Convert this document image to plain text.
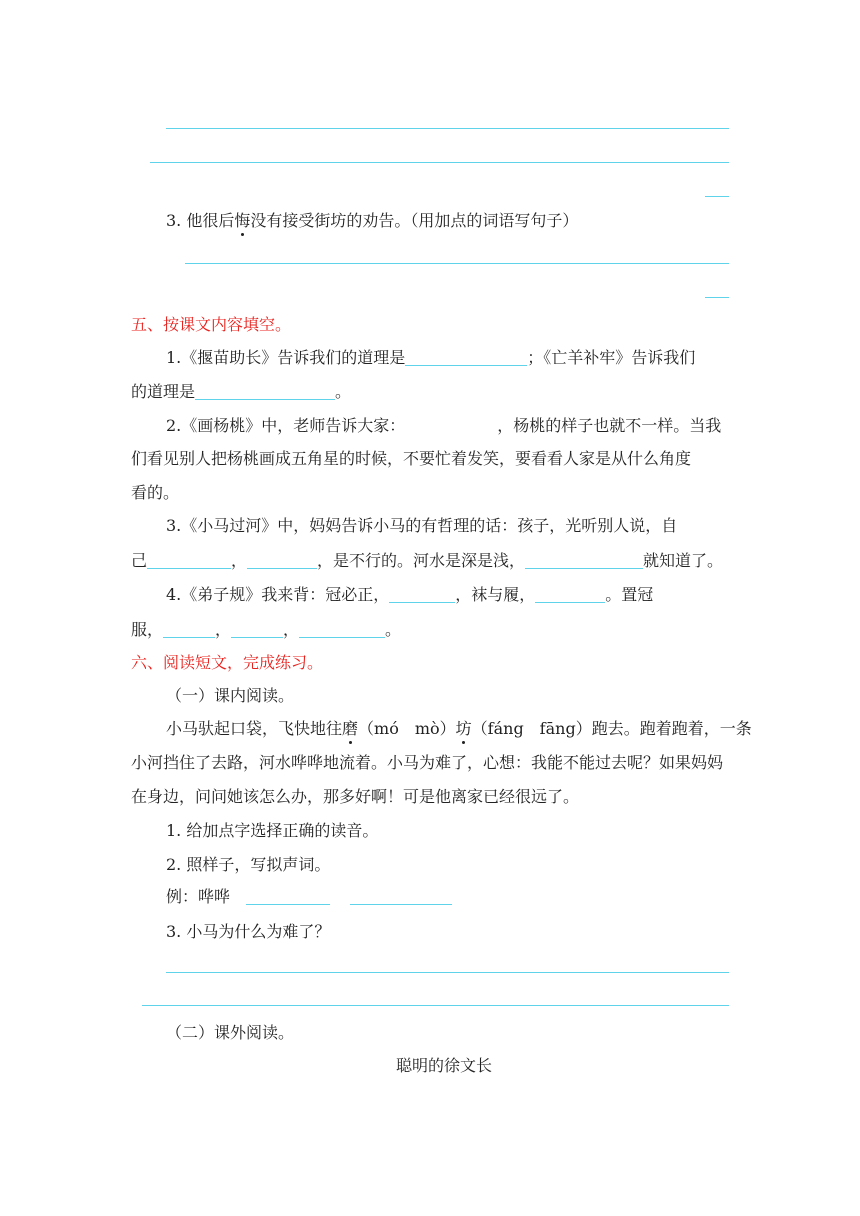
3. 他很后悔没有接受街坊的劝告。（用加点的词语写句子）
五、按课文内容填空。
1.《揠苗助长》告诉我们的道理是	；《亡羊补牢》告诉我们
的道理是	。
2.《画杨桃》中，老师告诉大家：	，杨桃的样子也就不一样。当我
们看见别人把杨桃画成五角星的时候，不要忙着发笑，要看看人家是从什么角度
看的。
3.《小马过河》中，妈妈告诉小马的有哲理的话：孩子，光听别人说，自
己	，	，是不行的。河水是深是浅，	就知道了。
4.《弟子规》我来背：冠必正，	，袜与履，	。置冠
服，	，	，	。
六、阅读短文，完成练习。
（一）课内阅读。
小马驮起口袋，飞快地往磨（mó　mò）坊（fáng　fāng）跑去。跑着跑着，一条
小河挡住了去路，河水哗哗地流着。小马为难了，心想：我能不能过去呢？如果妈妈
在身边，问问她该怎么办，那多好啊！可是他离家已经很远了。
1. 给加点字选择正确的读音。
2. 照样子，写拟声词。
例：哗哗
3. 小马为什么为难了？
（二）课外阅读。
聪明的徐文长
